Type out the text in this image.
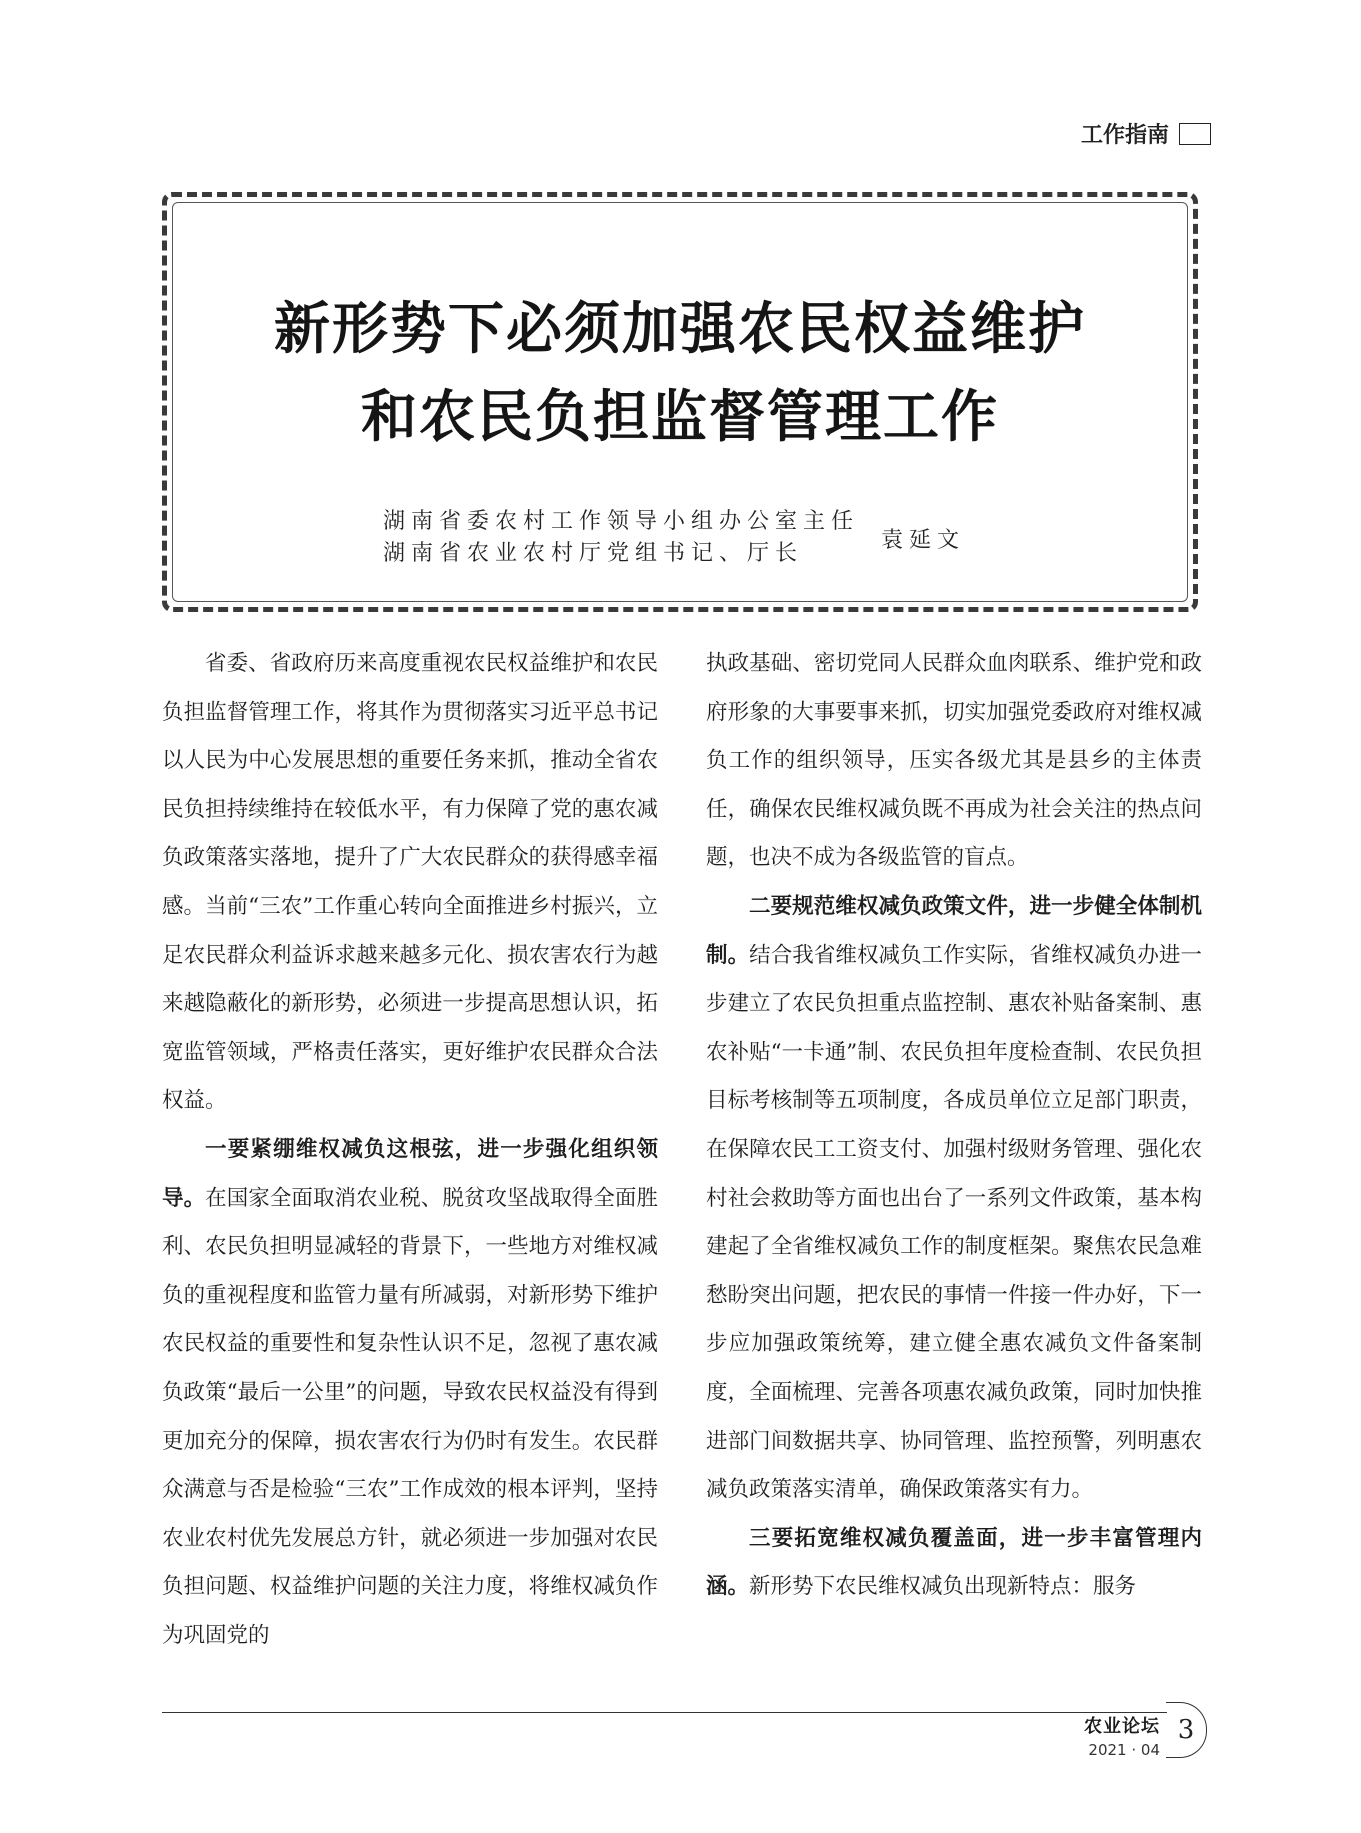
工作指南
新形势下必须加强农民权益维护
和农民负担监督管理工作
湖南省委农村工作领导小组办公室主任
湖南省农业农村厅党组书记、厅长
袁延文

省委、省政府历来高度重视农民权益维护和农民负担监督管理工作，将其作为贯彻落实习近平总书记以人民为中心发展思想的重要任务来抓，推动全省农民负担持续维持在较低水平，有力保障了党的惠农减负政策落实落地，提升了广大农民群众的获得感幸福感。当前“三农”工作重心转向全面推进乡村振兴，立足农民群众利益诉求越来越多元化、损农害农行为越来越隐蔽化的新形势，必须进一步提高思想认识，拓宽监管领域，严格责任落实，更好维护农民群众合法权益。

一要紧绷维权减负这根弦，进一步强化组织领导。在国家全面取消农业税、脱贫攻坚战取得全面胜利、农民负担明显减轻的背景下，一些地方对维权减负的重视程度和监管力量有所减弱，对新形势下维护农民权益的重要性和复杂性认识不足，忽视了惠农减负政策“最后一公里”的问题，导致农民权益没有得到更加充分的保障，损农害农行为仍时有发生。农民群众满意与否是检验“三农”工作成效的根本评判，坚持农业农村优先发展总方针，就必须进一步加强对农民负担问题、权益维护问题的关注力度，将维权减负作为巩固党的

执政基础、密切党同人民群众血肉联系、维护党和政府形象的大事要事来抓，切实加强党委政府对维权减负工作的组织领导，压实各级尤其是县乡的主体责任，确保农民维权减负既不再成为社会关注的热点问题，也决不成为各级监管的盲点。

二要规范维权减负政策文件，进一步健全体制机制。结合我省维权减负工作实际，省维权减负办进一步建立了农民负担重点监控制、惠农补贴备案制、惠农补贴“一卡通”制、农民负担年度检查制、农民负担目标考核制等五项制度，各成员单位立足部门职责，在保障农民工工资支付、加强村级财务管理、强化农村社会救助等方面也出台了一系列文件政策，基本构建起了全省维权减负工作的制度框架。聚焦农民急难愁盼突出问题，把农民的事情一件接一件办好，下一步应加强政策统筹，建立健全惠农减负文件备案制度，全面梳理、完善各项惠农减负政策，同时加快推进部门间数据共享、协同管理、监控预警，列明惠农减负政策落实清单，确保政策落实有力。

三要拓宽维权减负覆盖面，进一步丰富管理内涵。新形势下农民维权减负出现新特点：服务

农业论坛
2021 · 04
3
